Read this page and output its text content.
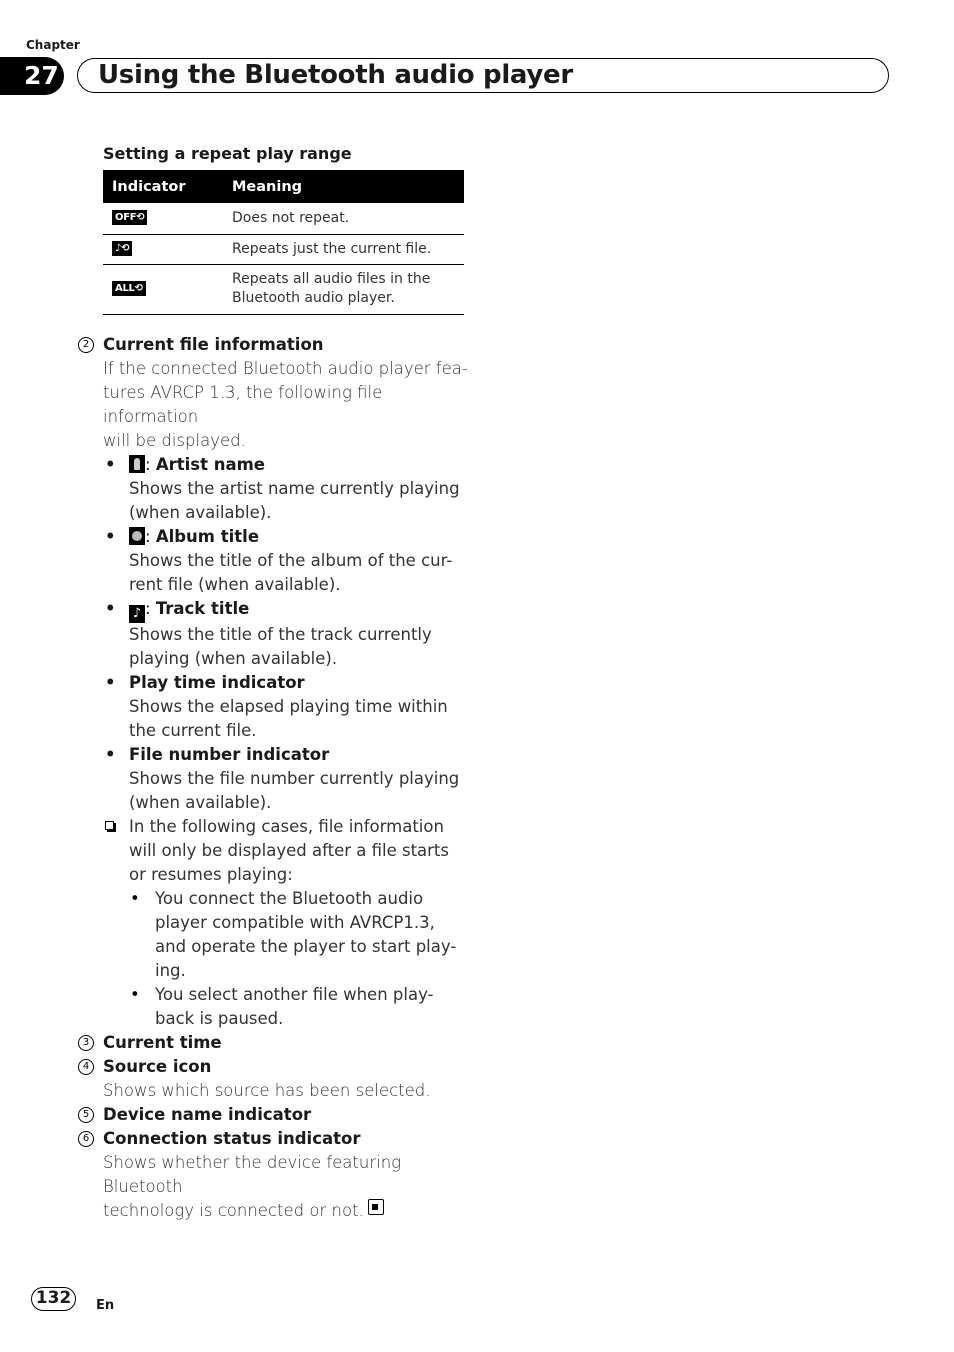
Chapter
27	Using the Bluetooth audio player
Setting a repeat play range
Indicator	Meaning
OFF⟲	Does not repeat.
♪⟲	Repeats just the current file.
ALL⟲	Repeats all audio files in the
Bluetooth audio player.
2 Current file information
If the connected Bluetooth audio player fea-
tures AVRCP 1.3, the following file information
will be displayed.
• : Artist name
Shows the artist name currently playing
(when available).
• : Album title
Shows the title of the album of the cur-
rent file (when available).
• ♪ : Track title
Shows the title of the track currently
playing (when available).
• Play time indicator
Shows the elapsed playing time within
the current file.
• File number indicator
Shows the file number currently playing
(when available).
In the following cases, file information
will only be displayed after a file starts
or resumes playing:
• You connect the Bluetooth audio
player compatible with AVRCP1.3,
and operate the player to start play-
ing.
• You select another file when play-
back is paused.
3 Current time
4 Source icon
Shows which source has been selected.
5 Device name indicator
6 Connection status indicator
Shows whether the device featuring Bluetooth
technology is connected or not.
132	En
